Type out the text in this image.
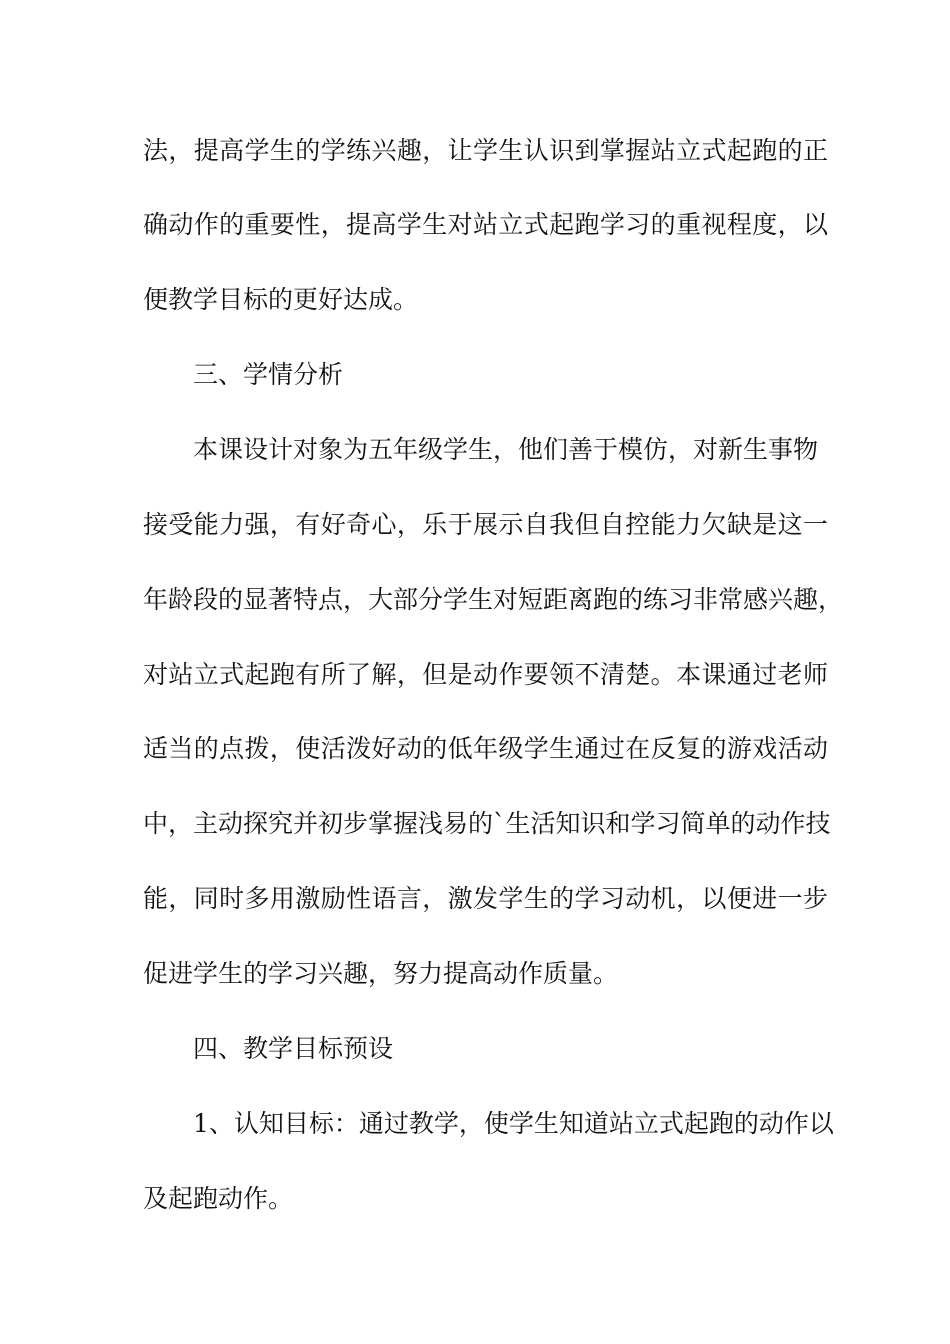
法，提高学生的学练兴趣，让学生认识到掌握站立式起跑的正

确动作的重要性，提高学生对站立式起跑学习的重视程度，以

便教学目标的更好达成。

三、学情分析

本课设计对象为五年级学生，他们善于模仿，对新生事物

接受能力强，有好奇心，乐于展示自我但自控能力欠缺是这一

年龄段的显著特点，大部分学生对短距离跑的练习非常感兴趣，

对站立式起跑有所了解，但是动作要领不清楚。本课通过老师

适当的点拨，使活泼好动的低年级学生通过在反复的游戏活动

中，主动探究并初步掌握浅易的`生活知识和学习简单的动作技

能，同时多用激励性语言，激发学生的学习动机，以便进一步

促进学生的学习兴趣，努力提高动作质量。

四、教学目标预设

1、认知目标：通过教学，使学生知道站立式起跑的动作以

及起跑动作。
